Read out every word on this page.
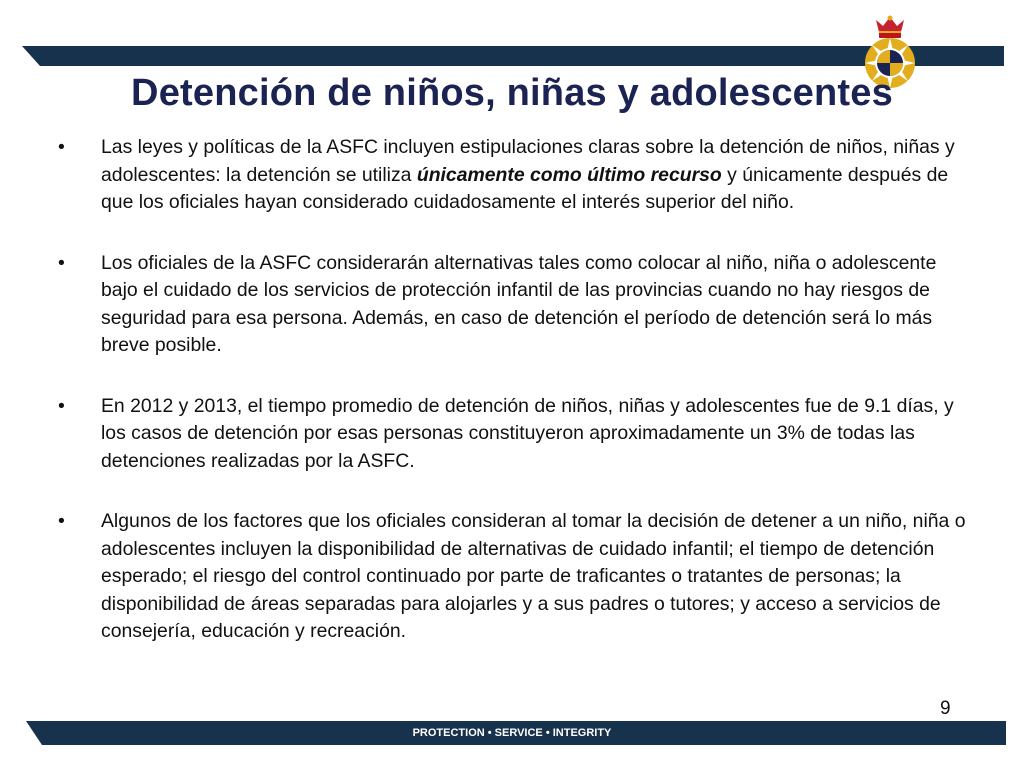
Detención de niños, niñas y adolescentes
• Las leyes y políticas de la ASFC incluyen estipulaciones claras sobre la detención de niños, niñas y adolescentes: la detención se utiliza únicamente como último recurso y únicamente después de que los oficiales hayan considerado cuidadosamente el interés superior del niño.
• Los oficiales de la ASFC considerarán alternativas tales como colocar al niño, niña o adolescente bajo el cuidado de los servicios de protección infantil de las provincias cuando no hay riesgos de seguridad para esa persona. Además, en caso de detención el período de detención será lo más breve posible.
• En 2012 y 2013, el tiempo promedio de detención de niños, niñas y adolescentes fue de 9.1 días, y los casos de detención por esas personas constituyeron aproximadamente un 3% de todas las detenciones realizadas por la ASFC.
• Algunos de los factores que los oficiales consideran al tomar la decisión de detener a un niño, niña o adolescentes incluyen la disponibilidad de alternativas de cuidado infantil; el tiempo de detención esperado; el riesgo del control continuado por parte de traficantes o tratantes de personas; la disponibilidad de áreas separadas para alojarles y a sus padres o tutores; y acceso a servicios de consejería, educación y recreación.
PROTECTION • SERVICE • INTEGRITY
9
